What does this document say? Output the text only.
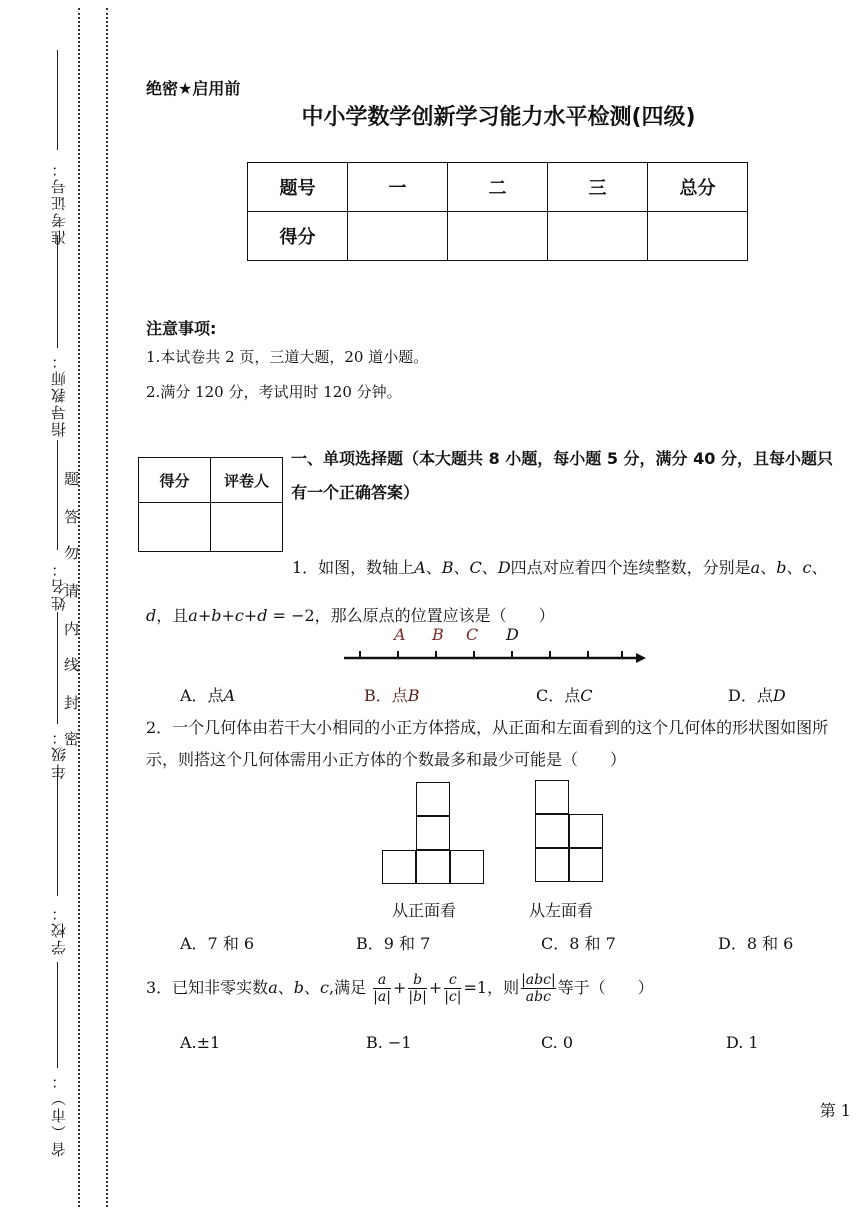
准考证号：
指导教师：
姓名：
年级：
学校：
省（市）：
题
答
勿
请
内
线
封
密
绝密★启用前
中小学数学创新学习能力水平检测(四级)
题号	一	二	三	总分
得分				
注意事项:
1.本试卷共 2 页，三道大题，20 道小题。
2.满分 120 分，考试用时 120 分钟。
得分	评卷人

一、单项选择题（本大题共 8 小题，每小题 5 分，满分 40 分，且每小题只有一个正确答案）
1．如图，数轴上A、B、C、D四点对应着四个连续整数，分别是a、b、c、d，且a+b+c+d = −2，那么原点的位置应该是（　　）
A B C D
A．点A	B．点B	C．点C	D．点D
2．一个几何体由若干大小相同的小正方体搭成，从正面和左面看到的这个几何体的形状图如图所示，则搭这个几何体需用小正方体的个数最多和最少可能是（　　）
从正面看	从左面看
A．7 和 6	B．9 和 7	C．8 和 7	D．8 和 6
3．已知非零实数a、b、c,满足 $\frac{a}{|a|} + \frac{b}{|b|} + \frac{c}{|c|} =1$，则 $\frac{\text{|abc|}}{\text{abc}}$ 等于（　　）
A.±1	B. −1	C. 0	D. 1
第 1
